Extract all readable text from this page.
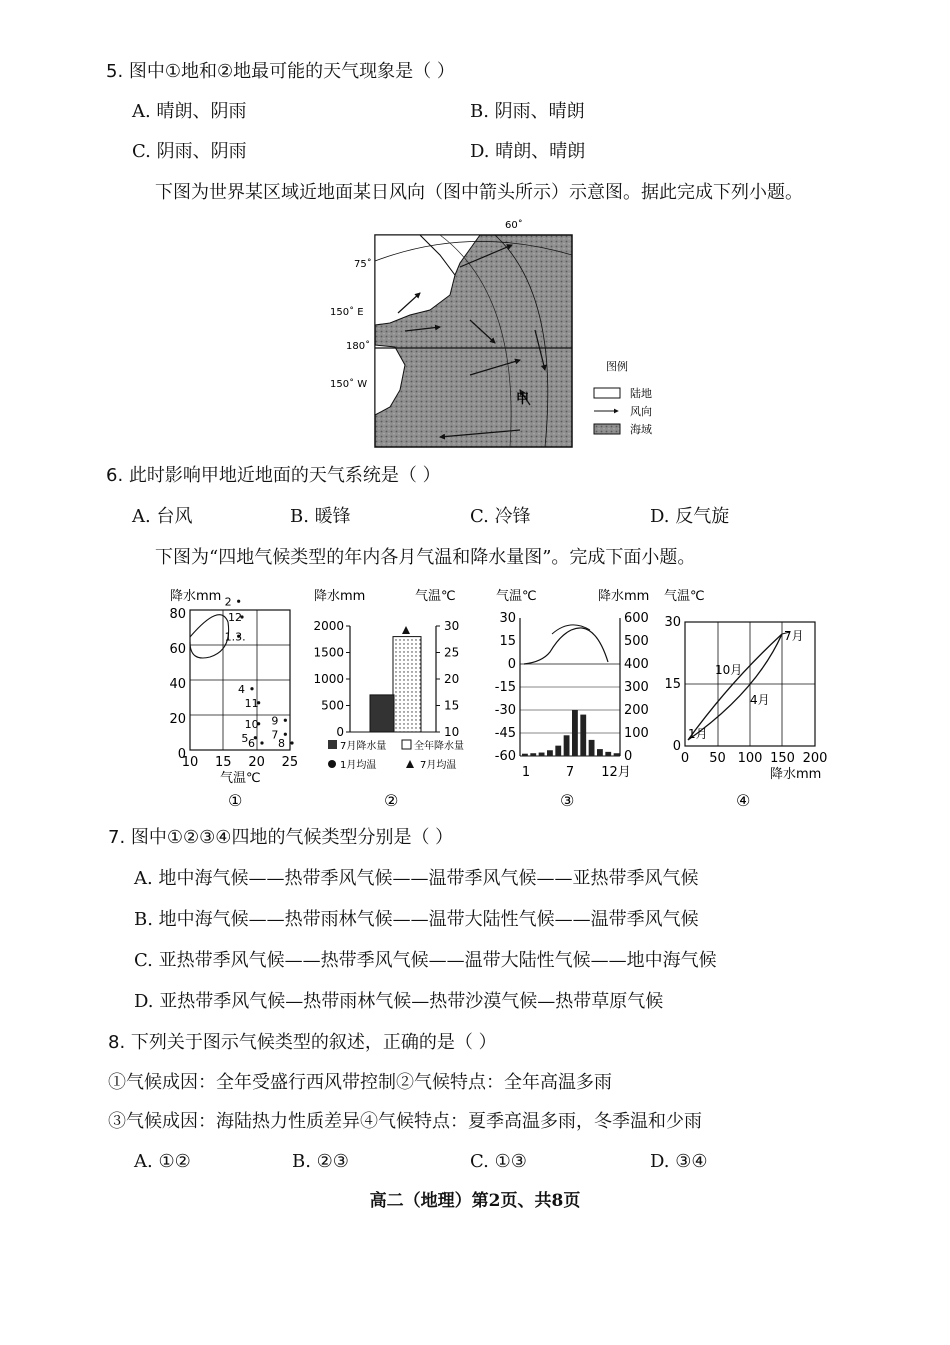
5. 图中①地和②地最可能的天气现象是（ ）
A. 晴朗、阴雨	B. 阴雨、晴朗
C. 阴雨、阴雨	D. 晴朗、晴朗
下图为世界某区域近地面某日风向（图中箭头所示）示意图。据此完成下列小题。
60˚
75˚
150˚ E
180˚
150˚ W
甲
图例
陆地
风向
海域
6. 此时影响甲地近地面的天气系统是（ ）
A. 台风	B. 暖锋	C. 冷锋	D. 反气旋
下图为“四地气候类型的年内各月气温和降水量图”。完成下面小题。
降水mm
80
60
40
20
0
10 15 20 25
2
12
1.3.
4
11
10
5 6
9
7
8
气温℃
①
降水mm	气温℃
2000
1500
1000
500
0
30
25
20
15
10
7月降水量	全年降水量
1月均温	7月均温
②
气温℃	降水mm
30
15
0
-15
-30
-45
-60
600
500
400
300
200
100
0
1	7 12月
③
气温℃
30
15
0
0 50 100 150 200
10月
4月
7月
1月
降水mm
④
7. 图中①②③④四地的气候类型分别是（ ）
A. 地中海气候——热带季风气候——温带季风气候——亚热带季风气候
B. 地中海气候——热带雨林气候——温带大陆性气候——温带季风气候
C. 亚热带季风气候——热带季风气候——温带大陆性气候——地中海气候
D. 亚热带季风气候—热带雨林气候—热带沙漠气候—热带草原气候
8. 下列关于图示气候类型的叙述，正确的是（ ）
①气候成因：全年受盛行西风带控制②气候特点：全年高温多雨
③气候成因：海陆热力性质差异④气候特点：夏季高温多雨，冬季温和少雨
A. ①②	B. ②③	C. ①③	D. ③④
高二（地理）第2页、共8页
